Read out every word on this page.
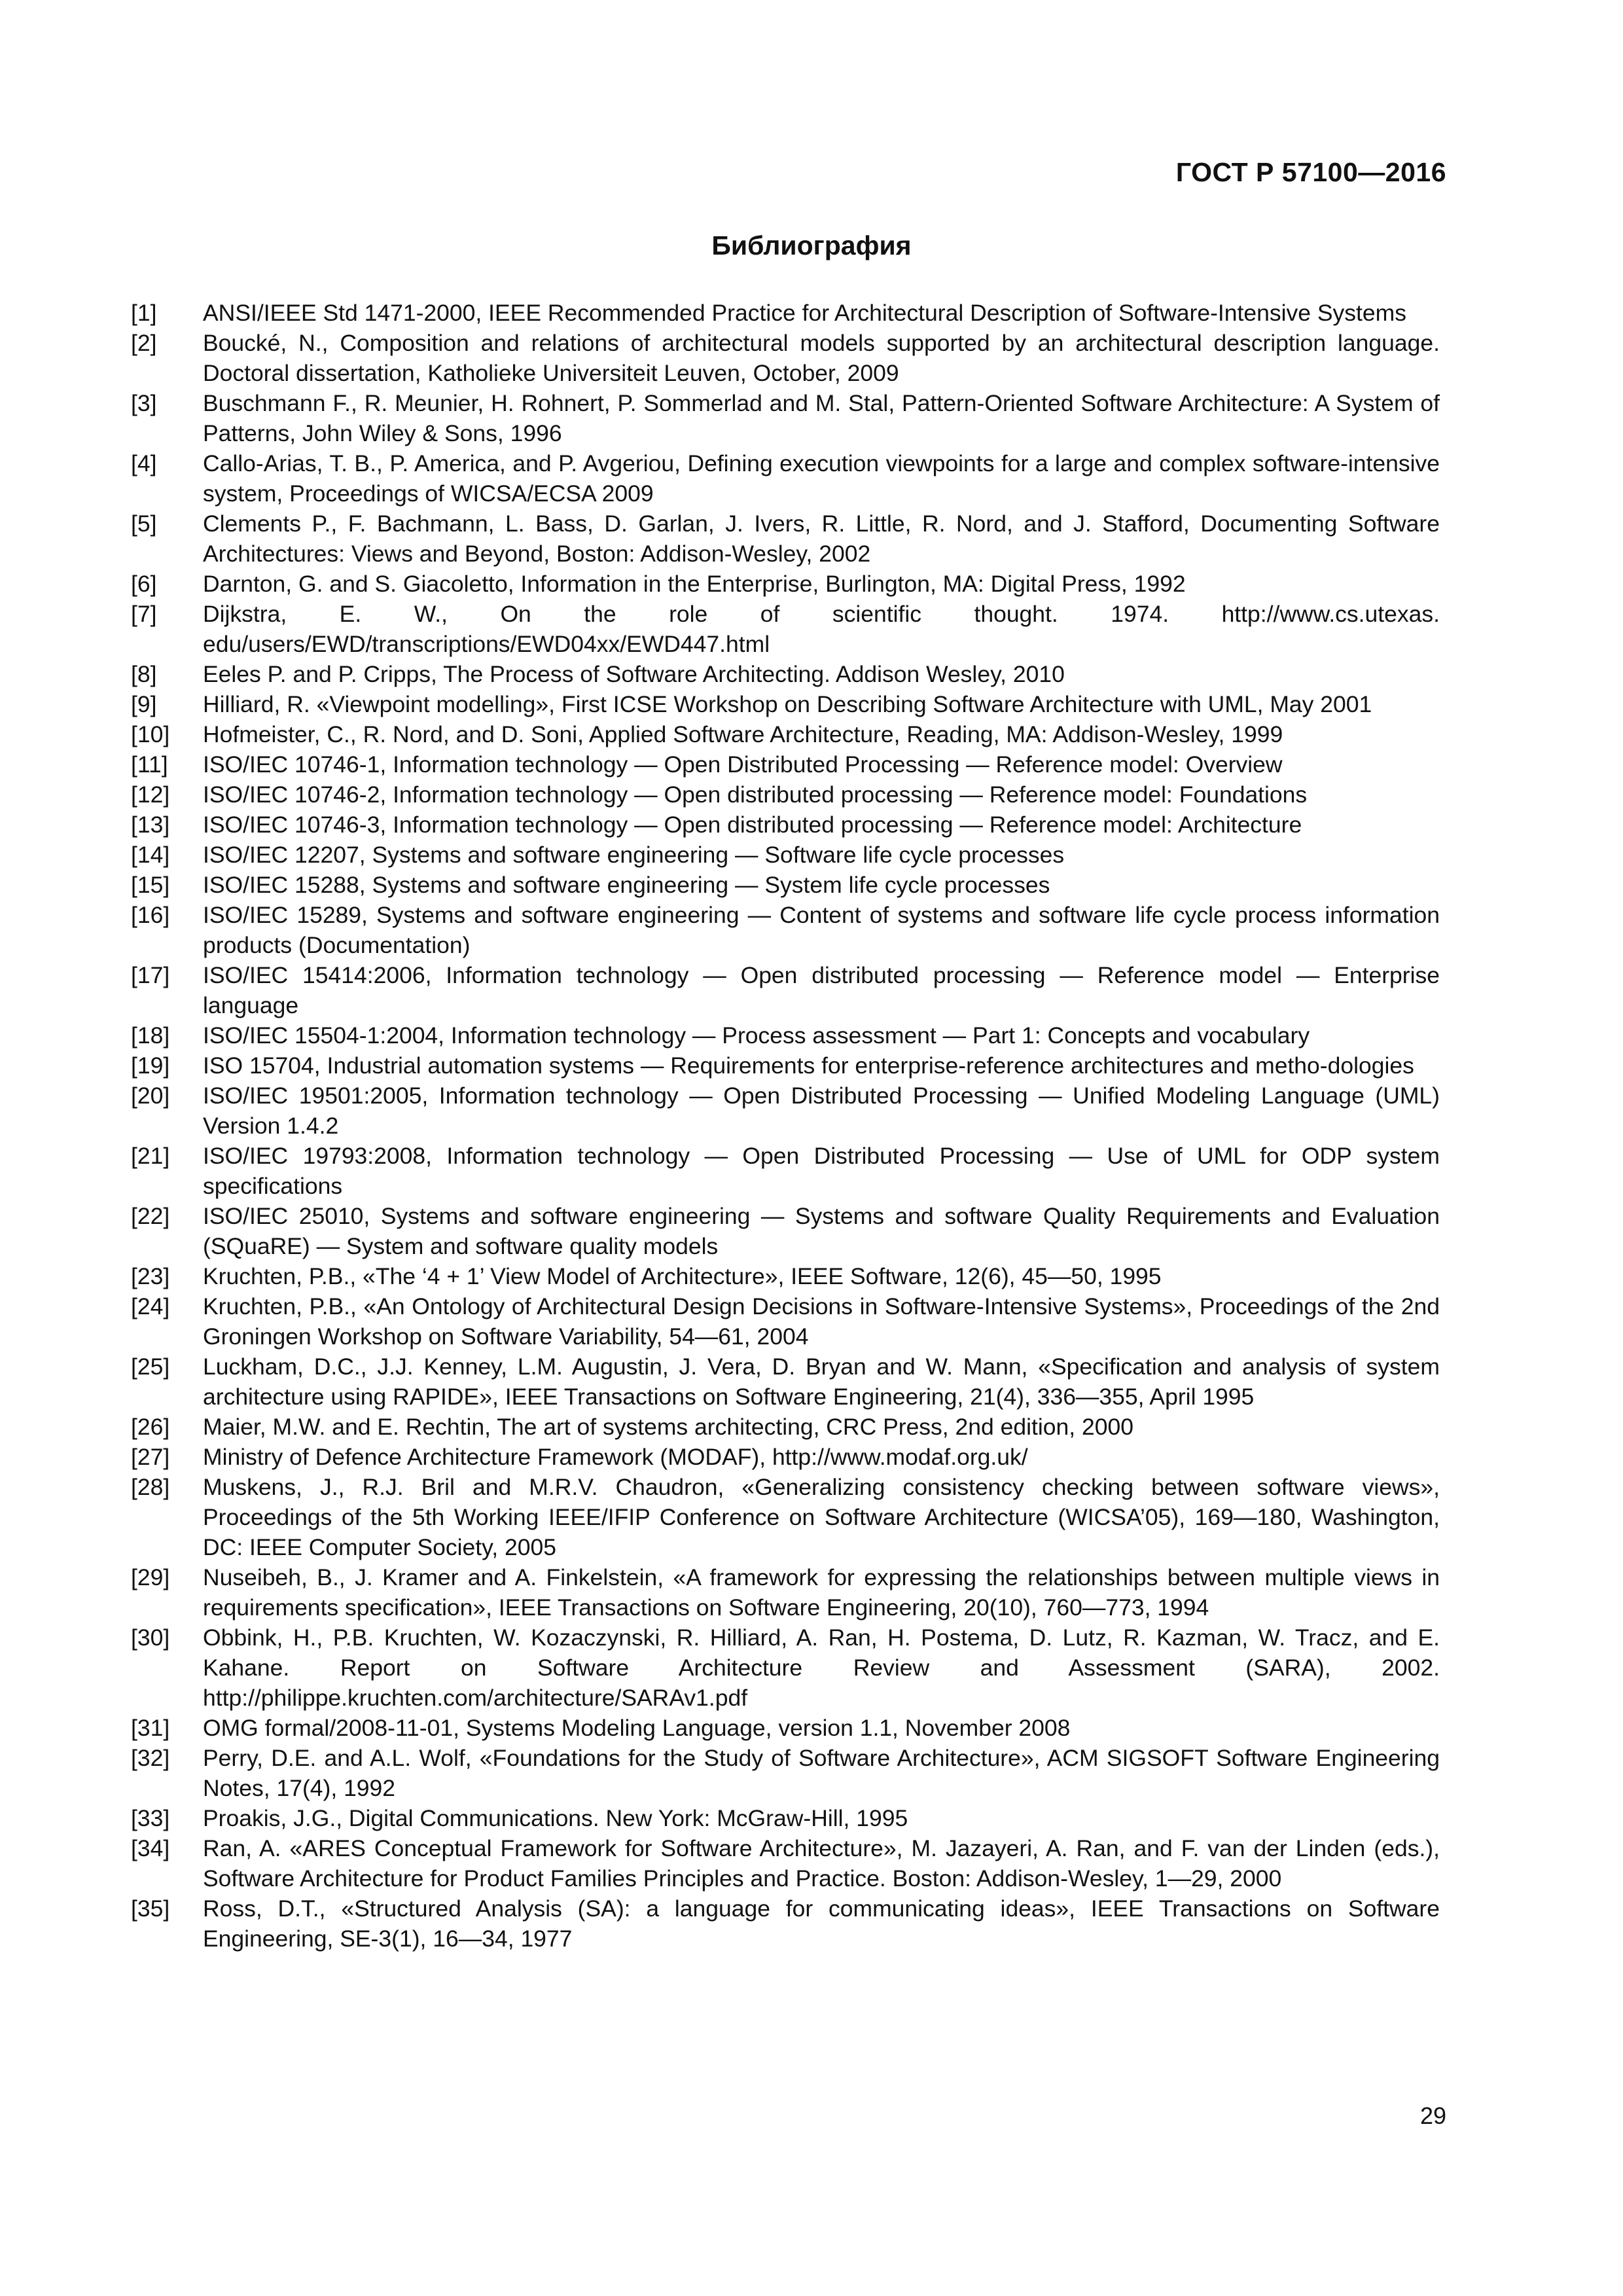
ГОСТ Р 57100—2016
Библиография
[1] ANSI/IEEE Std 1471-2000, IEEE Recommended Practice for Architectural Description of Software-Intensive Systems
[2] Boucké, N., Composition and relations of architectural models supported by an architectural description language. Doctoral dissertation, Katholieke Universiteit Leuven, October, 2009
[3] Buschmann F., R. Meunier, H. Rohnert, P. Sommerlad and M. Stal, Pattern-Oriented Software Architecture: A System of Patterns, John Wiley & Sons, 1996
[4] Callo-Arias, T. B., P. America, and P. Avgeriou, Defining execution viewpoints for a large and complex software-intensive system, Proceedings of WICSA/ECSA 2009
[5] Clements P., F. Bachmann, L. Bass, D. Garlan, J. Ivers, R. Little, R. Nord, and J. Stafford, Documenting Software Architectures: Views and Beyond, Boston: Addison-Wesley, 2002
[6] Darnton, G. and S. Giacoletto, Information in the Enterprise, Burlington, MA: Digital Press, 1992
[7] Dijkstra, E. W., On the role of scientific thought. 1974. http://www.cs.utexas. edu/users/EWD/transcriptions/EWD04xx/EWD447.html
[8] Eeles P. and P. Cripps, The Process of Software Architecting. Addison Wesley, 2010
[9] Hilliard, R. «Viewpoint modelling», First ICSE Workshop on Describing Software Architecture with UML, May 2001
[10] Hofmeister, C., R. Nord, and D. Soni, Applied Software Architecture, Reading, MA: Addison-Wesley, 1999
[11] ISO/IEC 10746-1, Information technology — Open Distributed Processing — Reference model: Overview
[12] ISO/IEC 10746-2, Information technology — Open distributed processing — Reference model: Foundations
[13] ISO/IEC 10746-3, Information technology — Open distributed processing — Reference model: Architecture
[14] ISO/IEC 12207, Systems and software engineering — Software life cycle processes
[15] ISO/IEC 15288, Systems and software engineering — System life cycle processes
[16] ISO/IEC 15289, Systems and software engineering — Content of systems and software life cycle process information products (Documentation)
[17] ISO/IEC 15414:2006, Information technology — Open distributed processing — Reference model — Enterprise language
[18] ISO/IEC 15504-1:2004, Information technology — Process assessment — Part 1: Concepts and vocabulary
[19] ISO 15704, Industrial automation systems — Requirements for enterprise-reference architectures and metho-dologies
[20] ISO/IEC 19501:2005, Information technology — Open Distributed Processing — Unified Modeling Language (UML) Version 1.4.2
[21] ISO/IEC 19793:2008, Information technology — Open Distributed Processing — Use of UML for ODP system specifications
[22] ISO/IEC 25010, Systems and software engineering — Systems and software Quality Requirements and Evaluation (SQuaRE) — System and software quality models
[23] Kruchten, P.B., «The ‘4 + 1’ View Model of Architecture», IEEE Software, 12(6), 45—50, 1995
[24] Kruchten, P.B., «An Ontology of Architectural Design Decisions in Software-Intensive Systems», Proceedings of the 2nd Groningen Workshop on Software Variability, 54—61, 2004
[25] Luckham, D.C., J.J. Kenney, L.M. Augustin, J. Vera, D. Bryan and W. Mann, «Specification and analysis of system architecture using RAPIDE», IEEE Transactions on Software Engineering, 21(4), 336—355, April 1995
[26] Maier, M.W. and E. Rechtin, The art of systems architecting, CRC Press, 2nd edition, 2000
[27] Ministry of Defence Architecture Framework (MODAF), http://www.modaf.org.uk/
[28] Muskens, J., R.J. Bril and M.R.V. Chaudron, «Generalizing consistency checking between software views», Proceedings of the 5th Working IEEE/IFIP Conference on Software Architecture (WICSA’05), 169—180, Washington, DC: IEEE Computer Society, 2005
[29] Nuseibeh, B., J. Kramer and A. Finkelstein, «A framework for expressing the relationships between multiple views in requirements specification», IEEE Transactions on Software Engineering, 20(10), 760—773, 1994
[30] Obbink, H., P.B. Kruchten, W. Kozaczynski, R. Hilliard, A. Ran, H. Postema, D. Lutz, R. Kazman, W. Tracz, and E. Kahane. Report on Software Architecture Review and Assessment (SARA), 2002. http://philippe.kruchten.com/architecture/SARAv1.pdf
[31] OMG formal/2008-11-01, Systems Modeling Language, version 1.1, November 2008
[32] Perry, D.E. and A.L. Wolf, «Foundations for the Study of Software Architecture», ACM SIGSOFT Software Engineering Notes, 17(4), 1992
[33] Proakis, J.G., Digital Communications. New York: McGraw-Hill, 1995
[34] Ran, A. «ARES Conceptual Framework for Software Architecture», M. Jazayeri, A. Ran, and F. van der Linden (eds.), Software Architecture for Product Families Principles and Practice. Boston: Addison-Wesley, 1—29, 2000
[35] Ross, D.T., «Structured Analysis (SA): a language for communicating ideas», IEEE Transactions on Software Engineering, SE-3(1), 16—34, 1977
29
